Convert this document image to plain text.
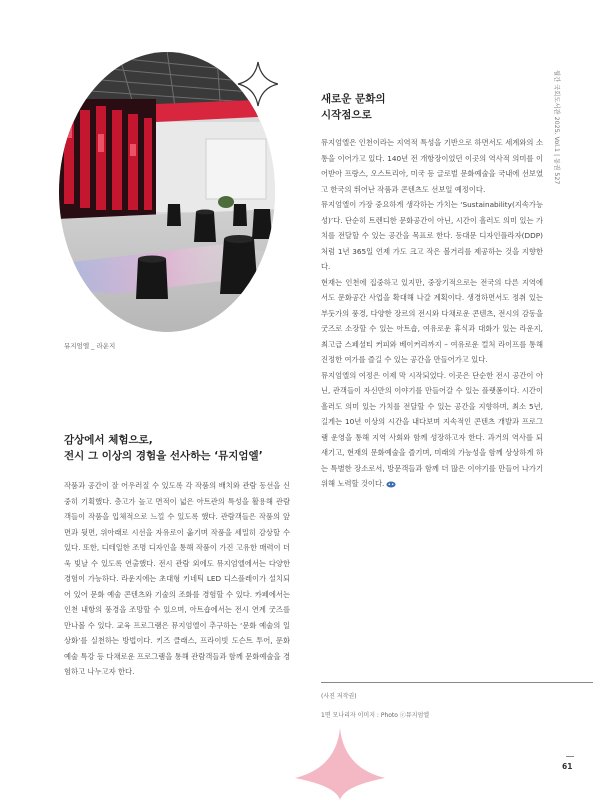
뮤지엄엘 _ 라운지

감상에서 체험으로,
전시 그 이상의 경험을 선사하는 ‘뮤지엄엘’

작품과 공간이 잘 어우러질 수 있도록 각 작품의 배치와 관람 동선을 신중히 기획했다. 층고가 높고 면적이 넓은 아트관의 특성을 활용해 관람객들이 작품을 입체적으로 느낄 수 있도록 했다. 관람객들은 작품의 앞면과 뒷면, 위아래로 시선을 자유로이 옮기며 작품을 세밀히 감상할 수 있다. 또한, 디테일한 조명 디자인을 통해 작품이 가진 고유한 매력이 더욱 빛날 수 있도록 연출했다. 전시 관람 외에도 뮤지엄엘에서는 다양한 경험이 가능하다. 라운지에는 초대형 키네틱 LED 디스플레이가 설치되어 있어 문화 예술 콘텐츠와 기술의 조화를 경험할 수 있다. 카페에서는 인천 내항의 풍경을 조망할 수 있으며, 아트숍에서는 전시 연계 굿즈를 만나볼 수 있다. 교육 프로그램은 뮤지엄엘이 추구하는 ‘문화 예술의 일상화’를 실천하는 방법이다. 키즈 클래스, 프라이빗 도슨트 투어, 문화 예술 특강 등 다채로운 프로그램을 통해 관람객들과 함께 문화예술을 경험하고 나누고자 한다.

새로운 문화의
시작점으로

뮤지엄엘은 인천이라는 지역적 특성을 기반으로 하면서도 세계와의 소통을 이어가고 있다. 140년 전 개항장이었던 이곳의 역사적 의미를 이어받아 프랑스, 오스트리아, 미국 등 글로벌 문화예술을 국내에 선보였고 한국의 뛰어난 작품과 콘텐츠도 선보일 예정이다.

뮤지엄엘이 가장 중요하게 생각하는 가치는 ‘Sustainability(지속가능성)’다. 단순히 트렌디한 문화공간이 아닌, 시간이 흘러도 의미 있는 가치를 전달할 수 있는 공간을 목표로 한다. 동대문 디자인플라자(DDP)처럼 1년 365일 언제 가도 크고 작은 볼거리를 제공하는 것을 지향한다.

현재는 인천에 집중하고 있지만, 중장기적으로는 전국의 다른 지역에서도 문화공간 사업을 확대해 나갈 계획이다. 생경하면서도 정취 있는 부둣가의 풍경, 다양한 장르의 전시와 다채로운 콘텐츠, 전시의 감동을 굿즈로 소장할 수 있는 아트숍, 여유로운 휴식과 대화가 있는 라운지, 최고급 스페셜티 커피와 베이커리까지 – 여유로운 컬처 라이프를 통해 진정한 여가를 즐길 수 있는 공간을 만들어가고 있다.

뮤지엄엘의 여정은 이제 막 시작되었다. 이곳은 단순한 전시 공간이 아닌, 관객들이 자신만의 이야기를 만들어갈 수 있는 플랫폼이다. 시간이 흘러도 의미 있는 가치를 전달할 수 있는 공간을 지향하며, 최소 5년, 길게는 10년 이상의 시간을 내다보며 지속적인 콘텐츠 개발과 프로그램 운영을 통해 지역 사회와 함께 성장하고자 한다. 과거의 역사를 되새기고, 현재의 문화예술을 즐기며, 미래의 가능성을 함께 상상하게 하는 특별한 장소로서, 방문객들과 함께 더 많은 이야기를 만들어 나가기 위해 노력할 것이다.

(사진 저작권)

1면 모나리자 이미지 : Photo ⓒ뮤지엄엘

월간 국회도서관 2025. Vol.1 | 통권 527

61
